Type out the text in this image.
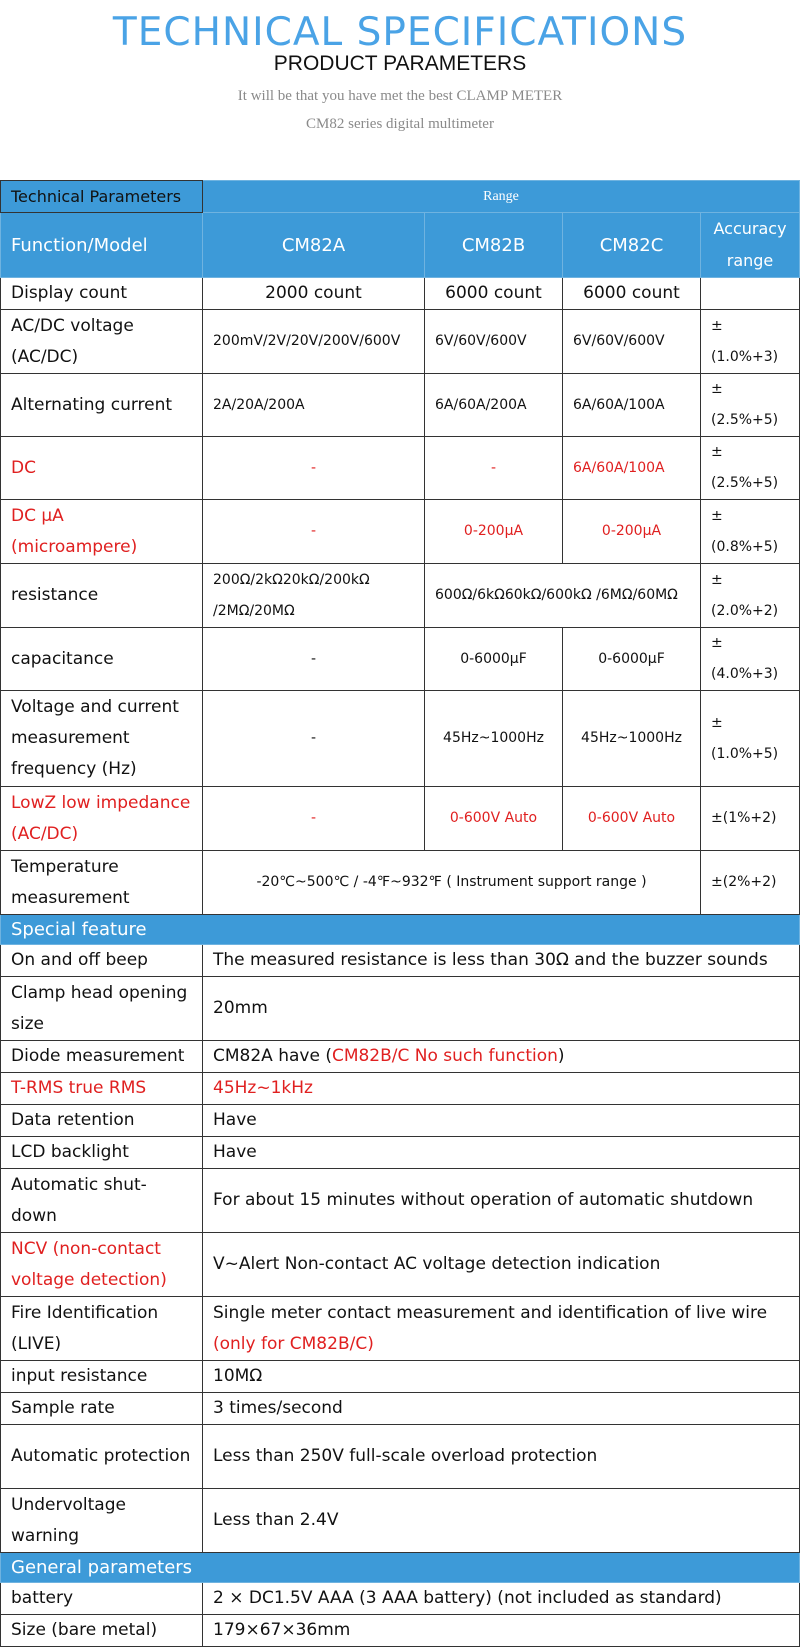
TECHNICAL SPECIFICATIONS
PRODUCT PARAMETERS
It will be that you have met the best CLAMP METER
CM82 series digital multimeter
Technical Parameters	Range			
Function/Model	CM82A	CM82B	CM82C	Accuracy range
Display count	2000 count	6000 count	6000 count	
AC/DC voltage (AC/DC)	200mV/2V/20V/200V/600V	6V/60V/600V	6V/60V/600V	±(1.0%+3)
Alternating current	2A/20A/200A	6A/60A/200A	6A/60A/100A	±(2.5%+5)
DC	-	-	6A/60A/100A	±(2.5%+5)
DC μA (microampere)	-	0-200μA	0-200μA	±(0.8%+5)
resistance	200Ω/2kΩ20kΩ/200kΩ /2MΩ/20MΩ	600Ω/6kΩ60kΩ/600kΩ /6MΩ/60MΩ		±(2.0%+2)
capacitance	-	0-6000μF	0-6000μF	±(4.0%+3)
Voltage and current measurement frequency (Hz)	-	45Hz~1000Hz	45Hz~1000Hz	±(1.0%+5)
LowZ low impedance (AC/DC)	-	0-600V Auto	0-600V Auto	±(1%+2)
Temperature measurement	-20℃~500℃ / -4℉~932℉ ( Instrument support range )			±(2%+2)
Special feature				
On and off beep	The measured resistance is less than 30Ω and the buzzer sounds			
Clamp head opening size	20mm			
Diode measurement	CM82A have (CM82B/C No such function)			
T-RMS true RMS	45Hz~1kHz			
Data retention	Have			
LCD backlight	Have			
Automatic shut-down	For about 15 minutes without operation of automatic shutdown			
NCV (non-contact voltage detection)	V~Alert Non-contact AC voltage detection indication			
Fire Identification (LIVE)	Single meter contact measurement and identification of live wire
(only for CM82B/C)			
input resistance	10MΩ			
Sample rate	3 times/second			
Automatic protection	Less than 250V full-scale overload protection			
Undervoltage warning	Less than 2.4V			
General parameters				
battery	2 × DC1.5V AAA (3 AAA battery) (not included as standard)			
Size (bare metal)	179×67×36mm			
